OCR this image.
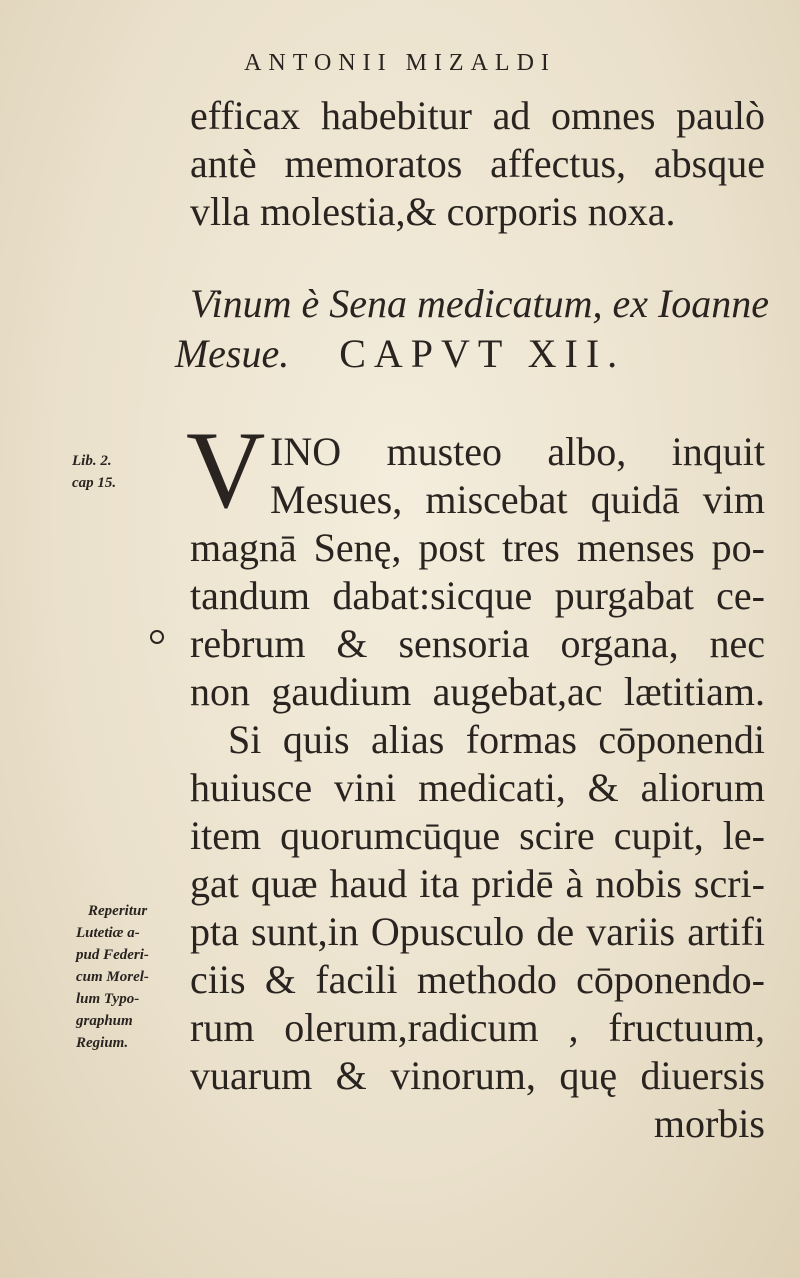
ANTONII MIZALDI
efficax habebitur ad omnes paulò
antè memoratos affectus, absque
vlla molestia,& corporis noxa.
Vinum è Sena medicatum, ex Ioanne
Mesue. CAPVT XII.
V INO musteo albo, inquit
Mesues, miscebat quidā vim
magnā Senę, post tres menses po-
tandum dabat:sicque purgabat ce-
rebrum & sensoria organa, nec
non gaudium augebat,ac lætitiam.
Si quis alias formas cōponendi
huiusce vini medicati, & aliorum
item quorumcūque scire cupit, le-
gat quæ haud ita pridē à nobis scri-
pta sunt,in Opusculo de variis artifi
ciis & facili methodo cōponendo-
rum olerum,radicum , fructuum,
vuarum & vinorum, quę diuersis
morbis
Lib. 2.
cap 15.
Reperitur
Lutetiæ a-
pud Federi-
cum Morel-
lum Typo-
graphum
Regium.
